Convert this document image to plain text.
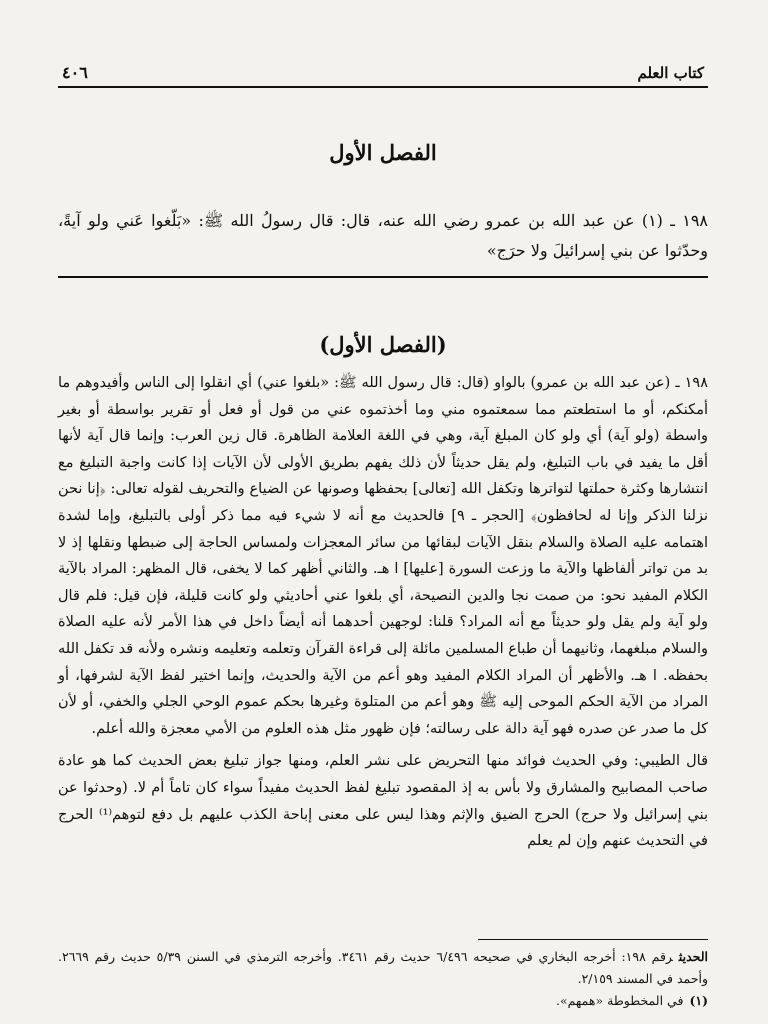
كتاب العلم
٤٠٦
الفصل الأول
١٩٨ ـ (١) عن عبد الله بن عمرو رضي الله عنه، قال: قال رسولُ الله ﷺ: «بَلّغوا عَني ولو آيةً، وحدّثوا عن بني إسرائيلَ ولا حرَج»
(الفصل الأول)

١٩٨ ـ (عن عبد الله بن عمرو) بالواو (قال: قال رسول الله ﷺ: «بلغوا عني) أي انقلوا إلى الناس وأفيدوهم ما أمكنكم، أو ما استطعتم مما سمعتموه مني وما أخذتموه عني من قول أو فعل أو تقرير بواسطة أو بغير واسطة (ولو آية) أي ولو كان المبلغ آية، وهي في اللغة العلامة الظاهرة. قال زين العرب: وإنما قال آية لأنها أقل ما يفيد في باب التبليغ، ولم يقل حديثاً لأن ذلك يفهم بطريق الأولى لأن الآيات إذا كانت واجبة التبليغ مع انتشارها وكثرة حملتها لتواترها وتكفل الله [تعالى] بحفظها وصونها عن الضياع والتحريف لقوله تعالى: ﴿إنا نحن نزلنا الذكر وإنا له لحافظون﴾ [الحجر ـ ٩] فالحديث مع أنه لا شيء فيه مما ذكر أولى بالتبليغ، وإما لشدة اهتمامه عليه الصلاة والسلام بنقل الآيات لبقائها من سائر المعجزات ولمساس الحاجة إلى ضبطها ونقلها إذ لا بد من تواتر ألفاظها والآية ما وزعت السورة [عليها] ا هـ. والثاني أظهر كما لا يخفى، قال المظهر: المراد بالآية الكلام المفيد نحو: من صمت نجا والدين النصيحة، أي بلغوا عني أحاديثي ولو كانت قليلة، فإن قيل: فلم قال ولو آية ولم يقل ولو حديثاً مع أنه المراد؟ قلنا: لوجهين أحدهما أنه أيضاً داخل في هذا الأمر لأنه عليه الصلاة والسلام مبلغهما، وثانيهما أن طباع المسلمين مائلة إلى قراءة القرآن وتعلمه وتعليمه ونشره ولأنه قد تكفل الله بحفظه. ا هـ. والأظهر أن المراد الكلام المفيد وهو أعم من الآية والحديث، وإنما اختير لفظ الآية لشرفها، أو المراد من الآية الحكم الموحى إليه ﷺ وهو أعم من المتلوة وغيرها بحكم عموم الوحي الجلي والخفي، أو لأن كل ما صدر عن صدره فهو آية دالة على رسالته؛ فإن ظهور مثل هذه العلوم من الأمي معجزة والله أعلم.

قال الطيبي: وفي الحديث فوائد منها التحريض على نشر العلم، ومنها جواز تبليغ بعض الحديث كما هو عادة صاحب المصابيح والمشارق ولا بأس به إذ المقصود تبليغ لفظ الحديث مفيداً سواء كان تاماً أم لا. (وحدثوا عن بني إسرائيل ولا حرج) الحرج الضيق والإثم وهذا ليس على معنى إباحة الكذب عليهم بل دفع لتوهم⁽¹⁾ الحرج في التحديث عنهم وإن لم يعلم

الحديثرقم ١٩٨: أخرجه البخاري في صحيحه ٦/٤٩٦ حديث رقم ٣٤٦١. وأخرجه الترمذي في السنن ٥/٣٩ حديث رقم ٢٦٦٩. وأحمد في المسند ٢/١٥٩.

(١)في المخطوطة «همهم».
